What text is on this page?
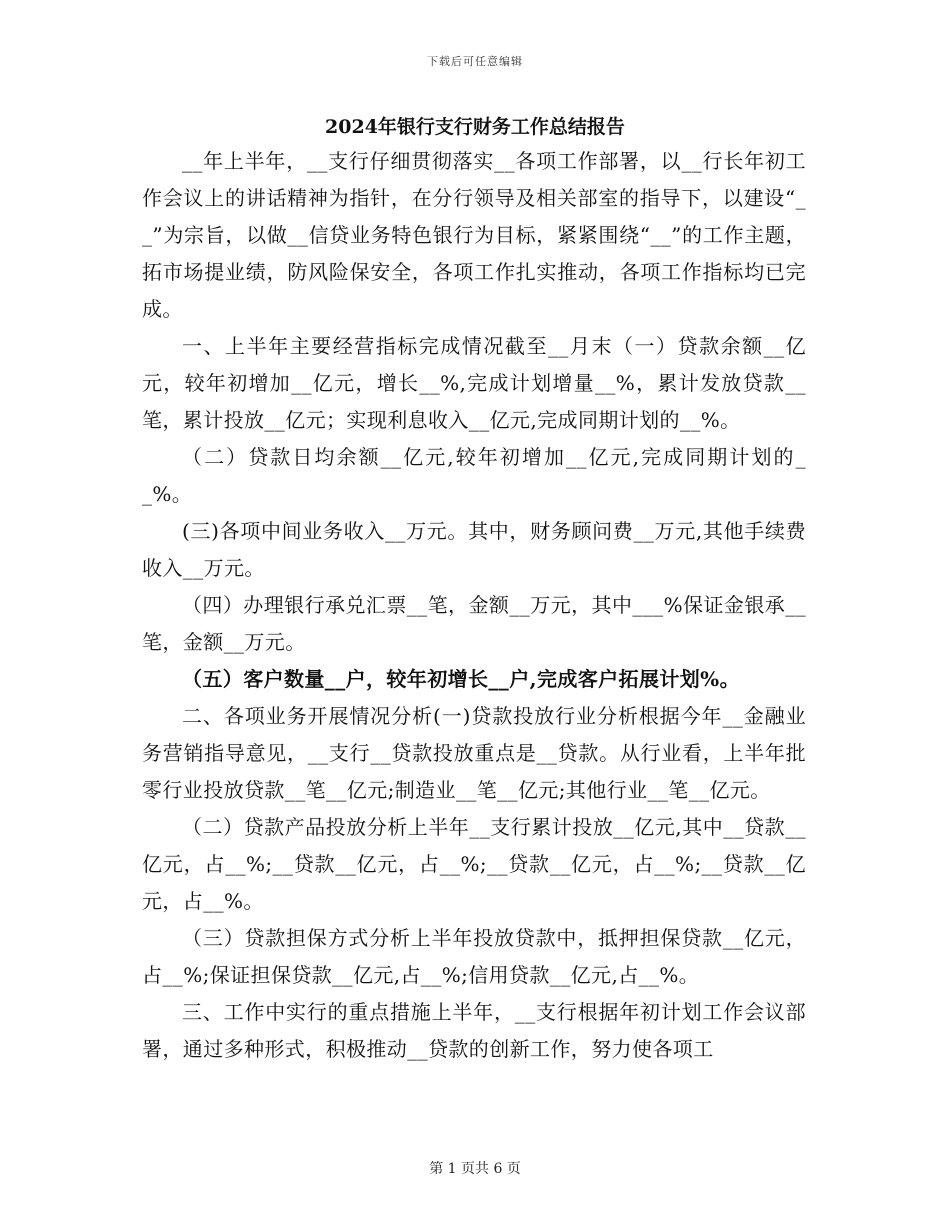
下载后可任意编辑
2024年银行支行财务工作总结报告

__年上半年，__支行仔细贯彻落实__各项工作部署，以__行长年初工作会议上的讲话精神为指针，在分行领导及相关部室的指导下，以建设“__”为宗旨，以做__信贷业务特色银行为目标，紧紧围绕“__”的工作主题，拓市场提业绩，防风险保安全，各项工作扎实推动，各项工作指标均已完成。

一、上半年主要经营指标完成情况截至__月末（一）贷款余额__亿元，较年初增加__亿元，增长__%,完成计划增量__%，累计发放贷款__笔，累计投放__亿元；实现利息收入__亿元,完成同期计划的__%。

（二）贷款日均余额__亿元,较年初增加__亿元,完成同期计划的__%。

(三)各项中间业务收入__万元。其中，财务顾问费__万元,其他手续费收入__万元。

（四）办理银行承兑汇票__笔，金额__万元，其中___%保证金银承__笔，金额__万元。

（五）客户数量__户，较年初增长__户,完成客户拓展计划%。

二、各项业务开展情况分析(一)贷款投放行业分析根据今年__金融业务营销指导意见，__支行__贷款投放重点是__贷款。从行业看，上半年批零行业投放贷款__笔__亿元;制造业__笔__亿元;其他行业__笔__亿元。

（二）贷款产品投放分析上半年__支行累计投放__亿元,其中__贷款__亿元，占__%;__贷款__亿元，占__%;__贷款__亿元，占__%;__贷款__亿元，占__%。

（三）贷款担保方式分析上半年投放贷款中，抵押担保贷款__亿元，占__%;保证担保贷款__亿元,占__%;信用贷款__亿元,占__%。

三、工作中实行的重点措施上半年，__支行根据年初计划工作会议部署，通过多种形式，积极推动__贷款的创新工作，努力使各项工

第 1 页共 6 页
